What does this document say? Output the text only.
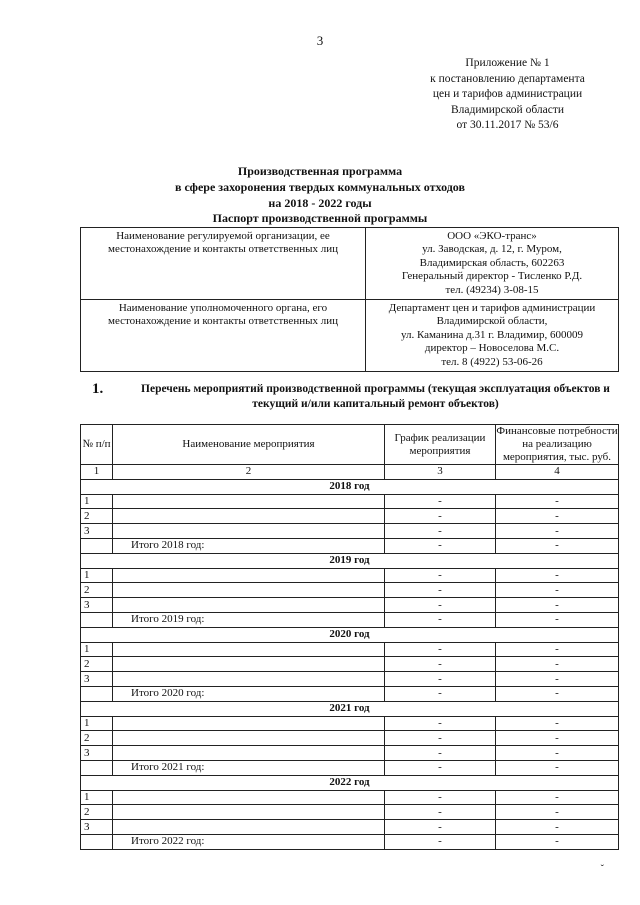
3
Приложение № 1
к постановлению департамента
цен и тарифов администрации
Владимирской области
от 30.11.2017 № 53/6
Производственная программа
в сфере захоронения твердых коммунальных отходов
на 2018 - 2022 годы
Паспорт производственной программы
Наименование регулируемой организации, ее местонахождение и контакты ответственных лиц	ООО «ЭКО-транс»
ул. Заводская, д. 12, г. Муром,
Владимирская область, 602263
Генеральный директор - Тисленко Р.Д.
тел. (49234) 3-08-15

Наименование уполномоченного органа, его местонахождение и контакты ответственных лиц	Департамент цен и тарифов администрации
Владимирской области,
ул. Каманина д.31 г. Владимир, 600009
директор – Новоселова М.С.
тел. 8 (4922) 53-06-26
1.	Перечень мероприятий производственной программы (текущая эксплуатация объектов и текущий и/или капитальный ремонт объектов)
№ п/п	Наименование мероприятия	График реализации мероприятия	Финансовые потребности на реализацию мероприятия, тыс. руб.
1	2	3	4
2018 год			
1		-	-
2		-	-
3		-	-
	Итого 2018 год:	-	-
2019 год			
1		-	-
2		-	-
3		-	-
	Итого 2019 год:	-	-
2020 год			
1		-	-
2		-	-
3		-	-
	Итого 2020 год:	-	-
2021 год			
1		-	-
2		-	-
3		-	-
	Итого 2021 год:	-	-
2022 год			
1		-	-
2		-	-
3		-	-
	Итого 2022 год:	-	-
ˇ
